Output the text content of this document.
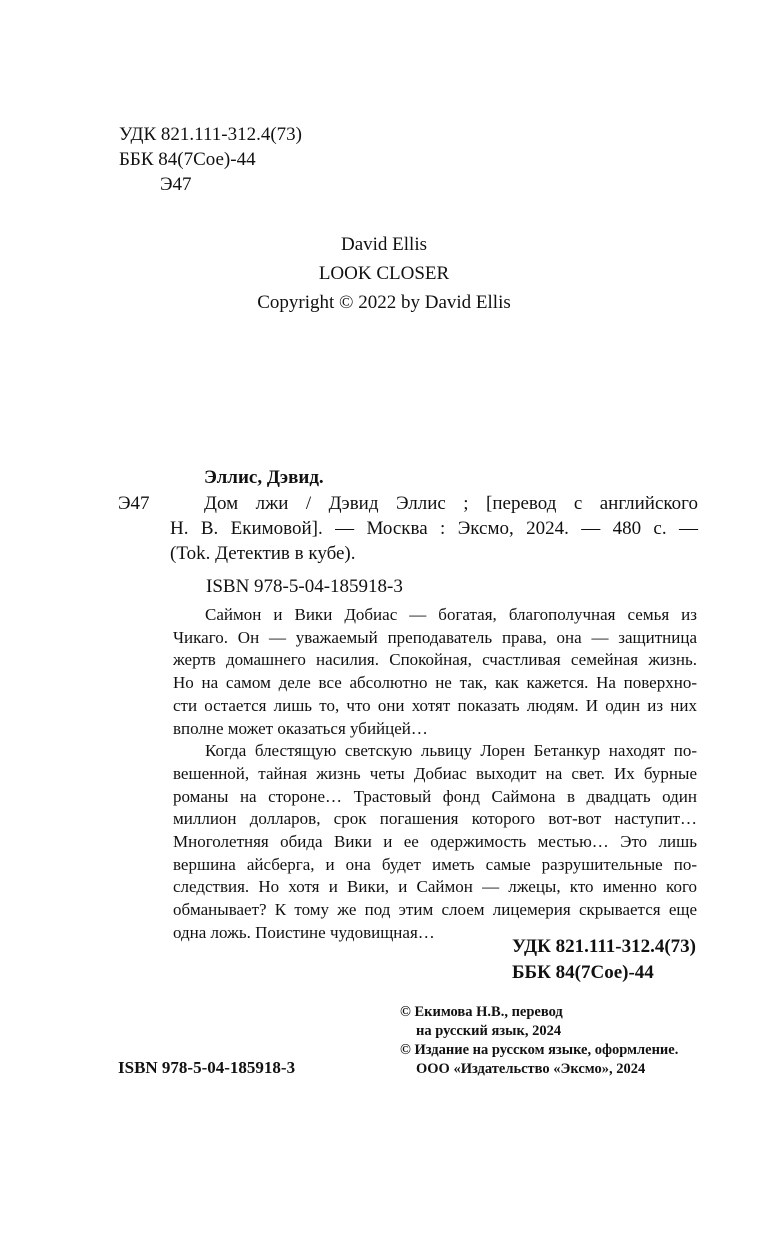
УДК 821.111-312.4(73)
ББК 84(7Сое)-44
Э47
David Ellis
LOOK CLOSER
Copyright © 2022 by David Ellis
Эллис, Дэвид.
Э47	Дом лжи / Дэвид Эллис ; [перевод с английского
Н. В. Екимовой]. — Москва : Эксмо, 2024. — 480 с. —
(Tok. Детектив в кубе).
ISBN 978-5-04-185918-3
Саймон и Вики Добиас — богатая, благополучная семья из
Чикаго. Он — уважаемый преподаватель права, она — защитница
жертв домашнего насилия. Спокойная, счастливая семейная жизнь.
Но на самом деле все абсолютно не так, как кажется. На поверхно-
сти остается лишь то, что они хотят показать людям. И один из них
вполне может оказаться убийцей…
Когда блестящую светскую львицу Лорен Бетанкур находят по-
вешенной, тайная жизнь четы Добиас выходит на свет. Их бурные
романы на стороне… Трастовый фонд Саймона в двадцать один
миллион долларов, срок погашения которого вот-вот наступит…
Многолетняя обида Вики и ее одержимость местью… Это лишь
вершина айсберга, и она будет иметь самые разрушительные по-
следствия. Но хотя и Вики, и Саймон — лжецы, кто именно кого
обманывает? К тому же под этим слоем лицемерия скрывается еще
одна ложь. Поистине чудовищная…
УДК 821.111-312.4(73)
ББК 84(7Сое)-44
© Екимова Н.В., перевод
на русский язык, 2024
© Издание на русском языке, оформление.
ООО «Издательство «Эксмо», 2024
ISBN 978-5-04-185918-3
